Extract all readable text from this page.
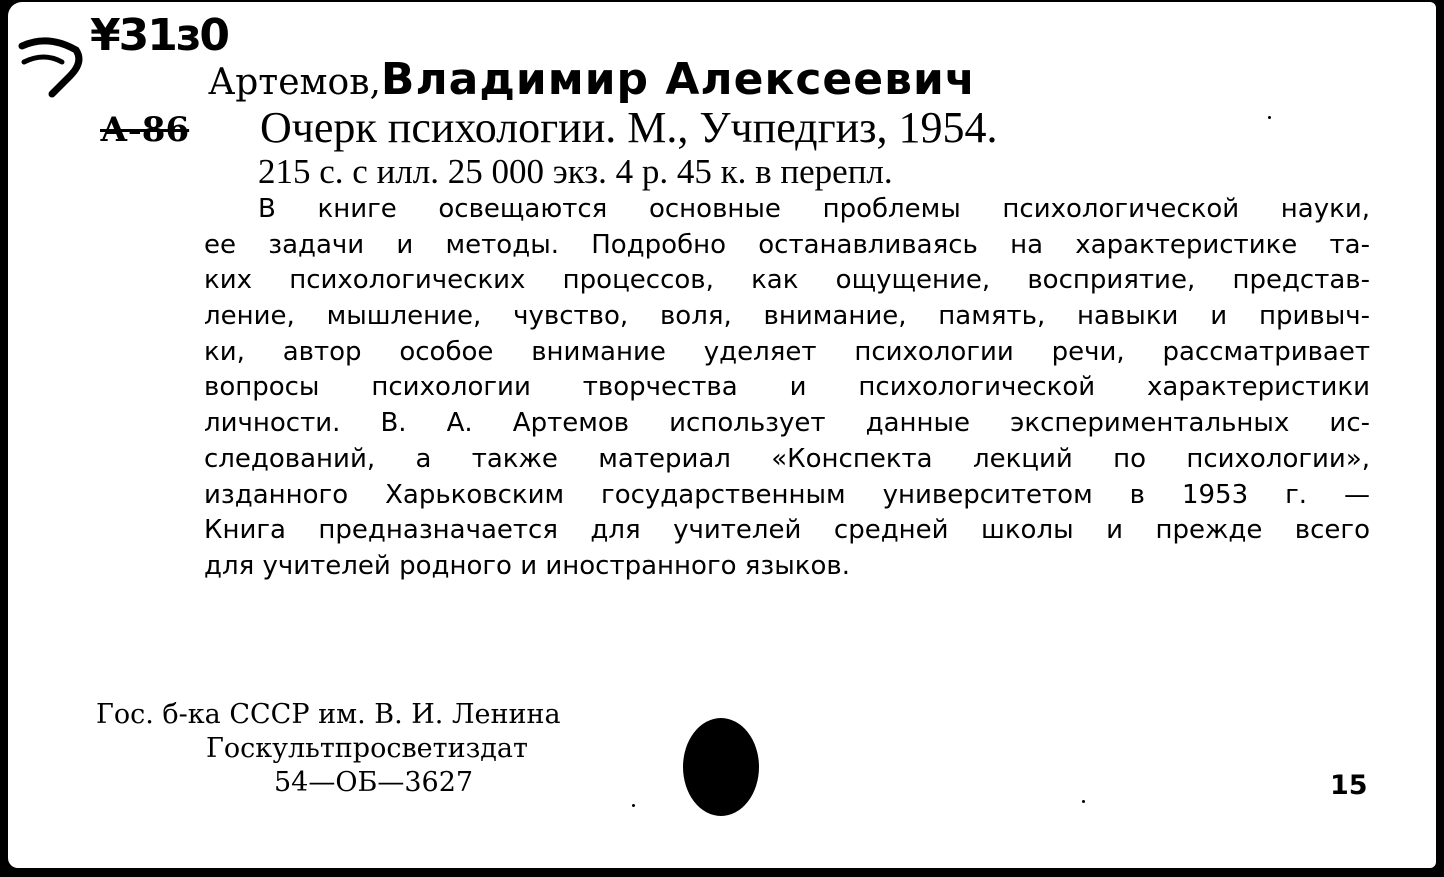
¥31з0
А-86
Артемов,Владимир Алексеевич
Очерк психологии. М., Учпедгиз, 1954.
215 с. с илл. 25 000 экз. 4 р. 45 к. в перепл.
В книге освещаются основные проблемы психологической науки,
ее задачи и методы. Подробно останавливаясь на характеристике та-
ких психологических процессов, как ощущение, восприятие, представ-
ление, мышление, чувство, воля, внимание, память, навыки и привыч-
ки, автор особое внимание уделяет психологии речи, рассматривает
вопросы психологии творчества и психологической характеристики
личности. В. А. Артемов использует данные экспериментальных ис-
следований, а также материал «Конспекта лекций по психологии»,
изданного Харьковским государственным университетом в 1953 г. —
Книга предназначается для учителей средней школы и прежде всего
для учителей родного и иностранного языков.
Гос. б-ка СССР им. В. И. Ленина
Госкультпросветиздат
54—ОБ—3627	15
